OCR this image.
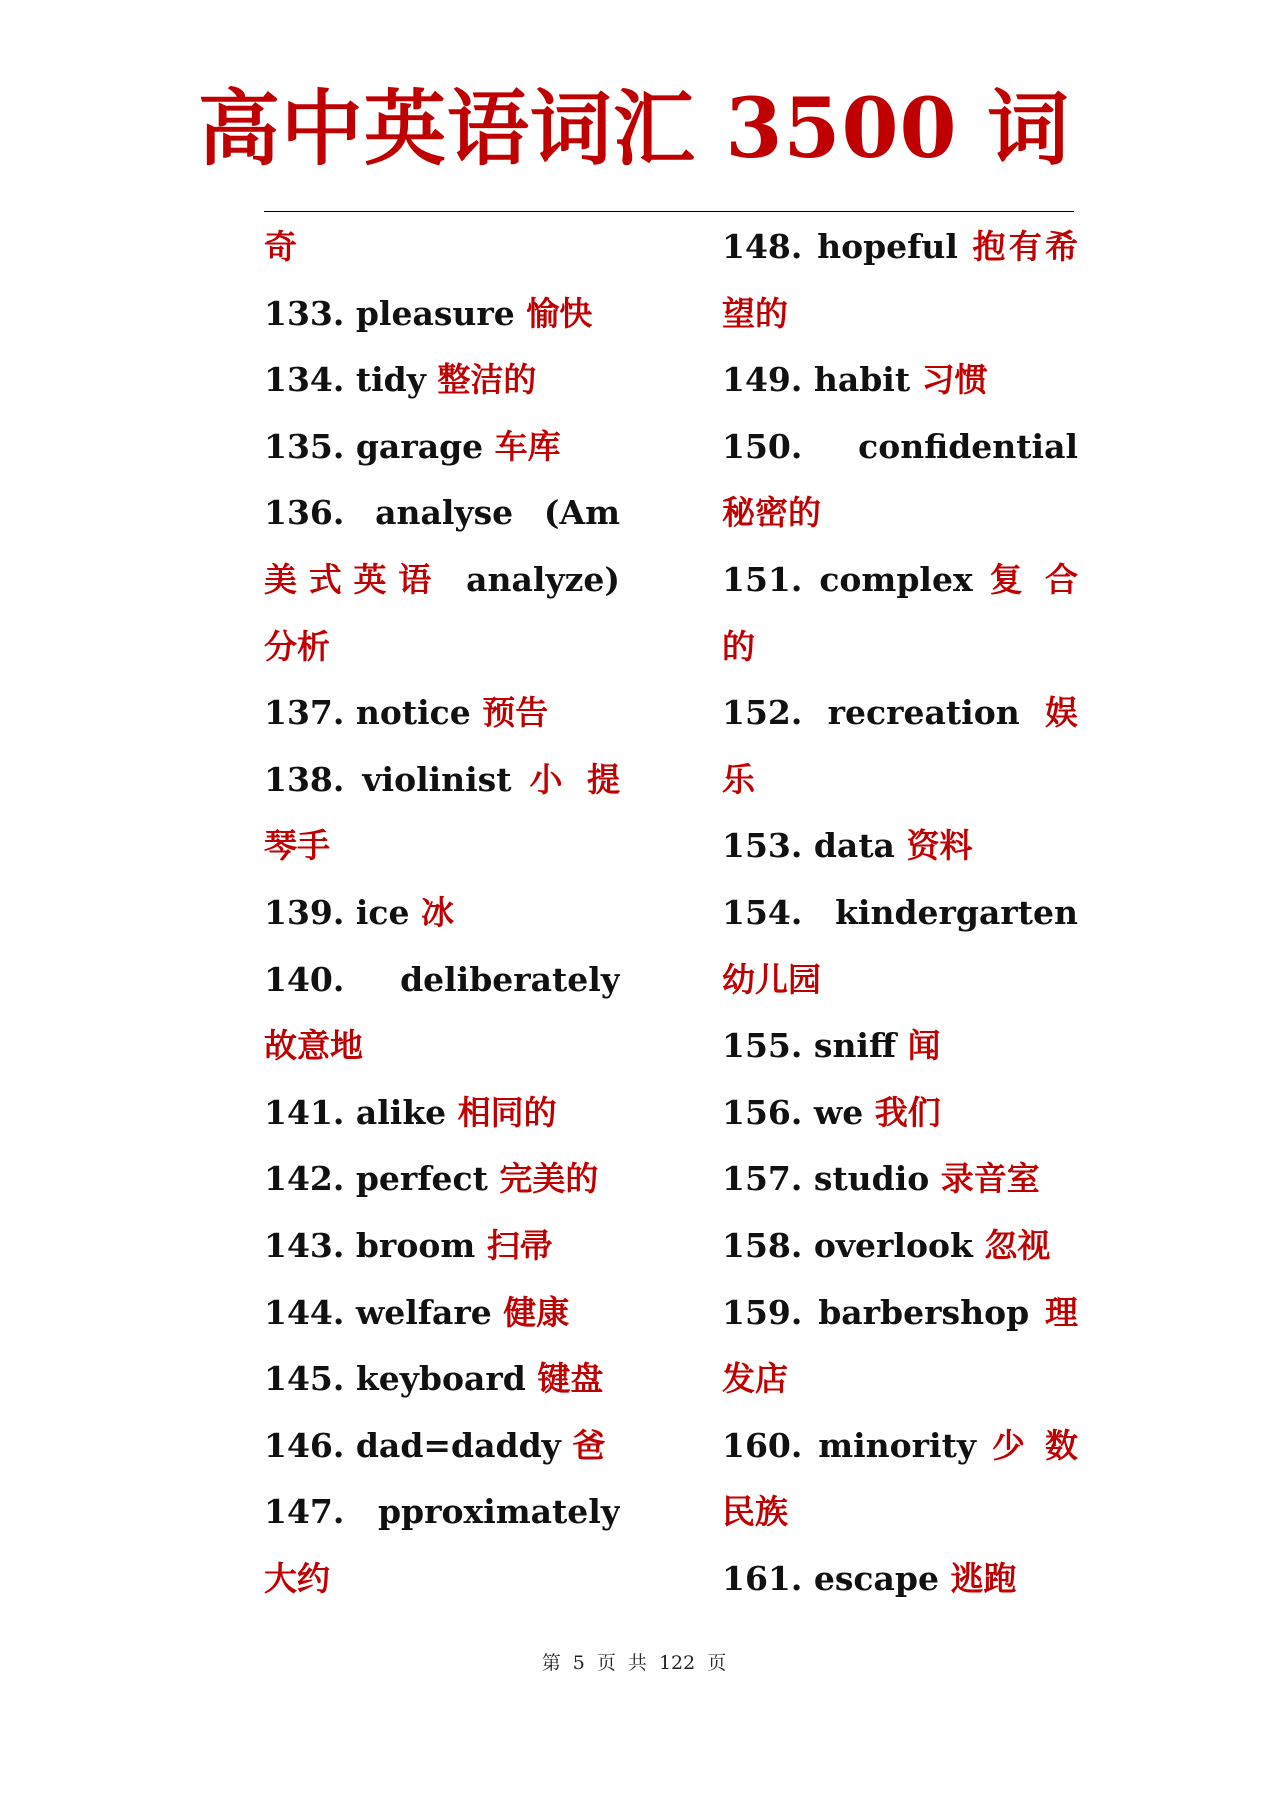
高中英语词汇 3500 词
奇
133. pleasure 愉快
134. tidy 整洁的
135. garage 车库
136. analyse (Am
美式英语 analyze)
分析
137. notice 预告
138. violinist 小 提
琴手
139. ice 冰
140. deliberately
故意地
141. alike 相同的
142. perfect 完美的
143. broom 扫帚
144. welfare 健康
145. keyboard 键盘
146. dad=daddy 爸
147. pproximately
大约
148. hopeful 抱有希
望的
149. habit 习惯
150. confidential
秘密的
151. complex 复 合
的
152. recreation 娱
乐
153. data 资料
154. kindergarten
幼儿园
155. sniff 闻
156. we 我们
157. studio 录音室
158. overlook 忽视
159. barbershop 理
发店
160. minority 少 数
民族
161. escape 逃跑
第 5 页 共 122 页
